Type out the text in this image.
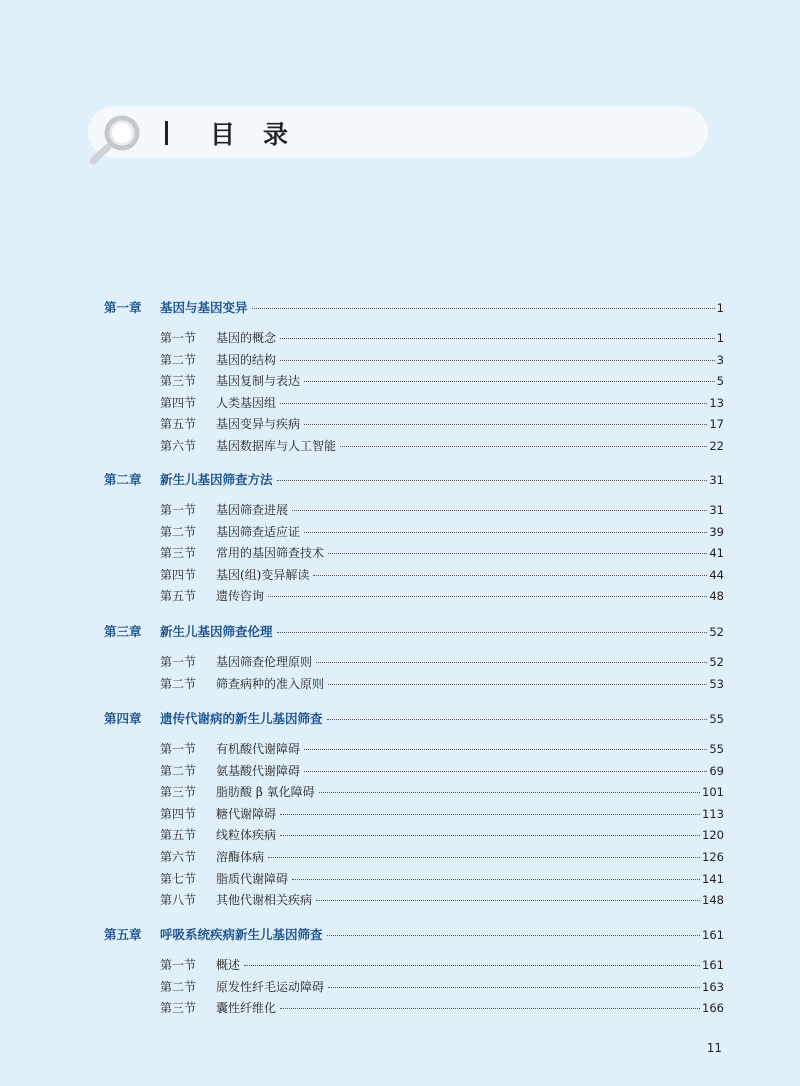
目 录
第一章	基因与基因变异	1
第一节	基因的概念	1
第二节	基因的结构	3
第三节	基因复制与表达	5
第四节	人类基因组	13
第五节	基因变异与疾病	17
第六节	基因数据库与人工智能	22
第二章	新生儿基因筛查方法	31
第一节	基因筛查进展	31
第二节	基因筛查适应证	39
第三节	常用的基因筛查技术	41
第四节	基因(组)变异解读	44
第五节	遗传咨询	48
第三章	新生儿基因筛查伦理	52
第一节	基因筛查伦理原则	52
第二节	筛查病种的准入原则	53
第四章	遗传代谢病的新生儿基因筛查	55
第一节	有机酸代谢障碍	55
第二节	氨基酸代谢障碍	69
第三节	脂肪酸 β 氧化障碍	101
第四节	糖代谢障碍	113
第五节	线粒体疾病	120
第六节	溶酶体病	126
第七节	脂质代谢障碍	141
第八节	其他代谢相关疾病	148
第五章	呼吸系统疾病新生儿基因筛查	161
第一节	概述	161
第二节	原发性纤毛运动障碍	163
第三节	囊性纤维化	166
11
